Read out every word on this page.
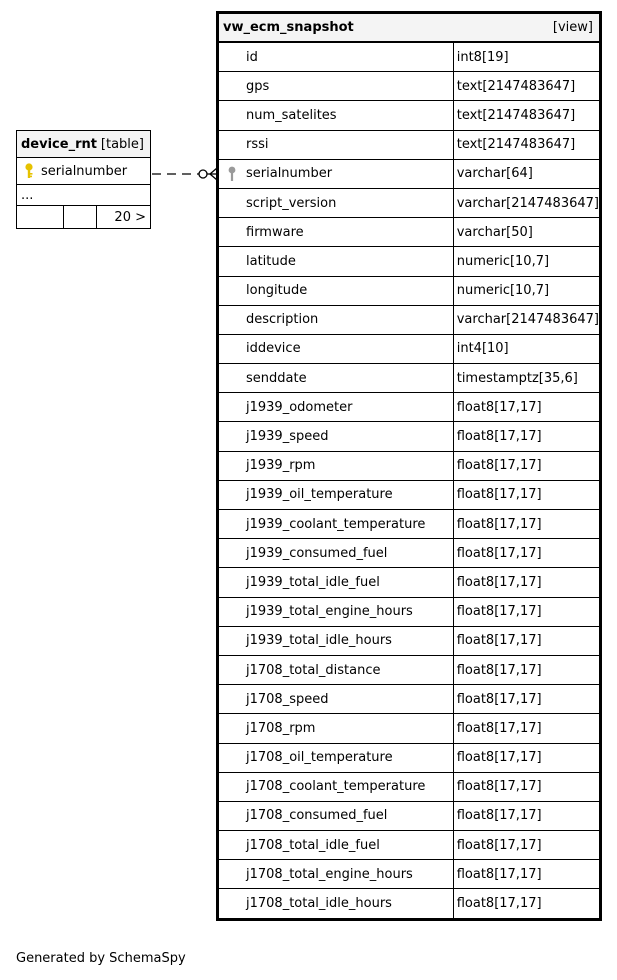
vw_ecm_snapshot [view]	

id	int8[19]
gps	text[2147483647]
num_satelites	text[2147483647]
rssi	text[2147483647]

serialnumber	varchar[64]
script_version	varchar[2147483647]
firmware	varchar[50]
latitude	numeric[10,7]
longitude	numeric[10,7]
description	varchar[2147483647]
iddevice	int4[10]
senddate	timestamptz[35,6]
j1939_odometer	float8[17,17]
j1939_speed	float8[17,17]
j1939_rpm	float8[17,17]
j1939_oil_temperature	float8[17,17]
j1939_coolant_temperature	float8[17,17]
j1939_consumed_fuel	float8[17,17]
j1939_total_idle_fuel	float8[17,17]
j1939_total_engine_hours	float8[17,17]
j1939_total_idle_hours	float8[17,17]
j1708_total_distance	float8[17,17]
j1708_speed	float8[17,17]
j1708_rpm	float8[17,17]
j1708_oil_temperature	float8[17,17]
j1708_coolant_temperature	float8[17,17]
j1708_consumed_fuel	float8[17,17]
j1708_total_idle_fuel	float8[17,17]
j1708_total_engine_hours	float8[17,17]
j1708_total_idle_hours	float8[17,17]
device_rnt [table]

serialnumber
...
		20 >
Generated by SchemaSpy
